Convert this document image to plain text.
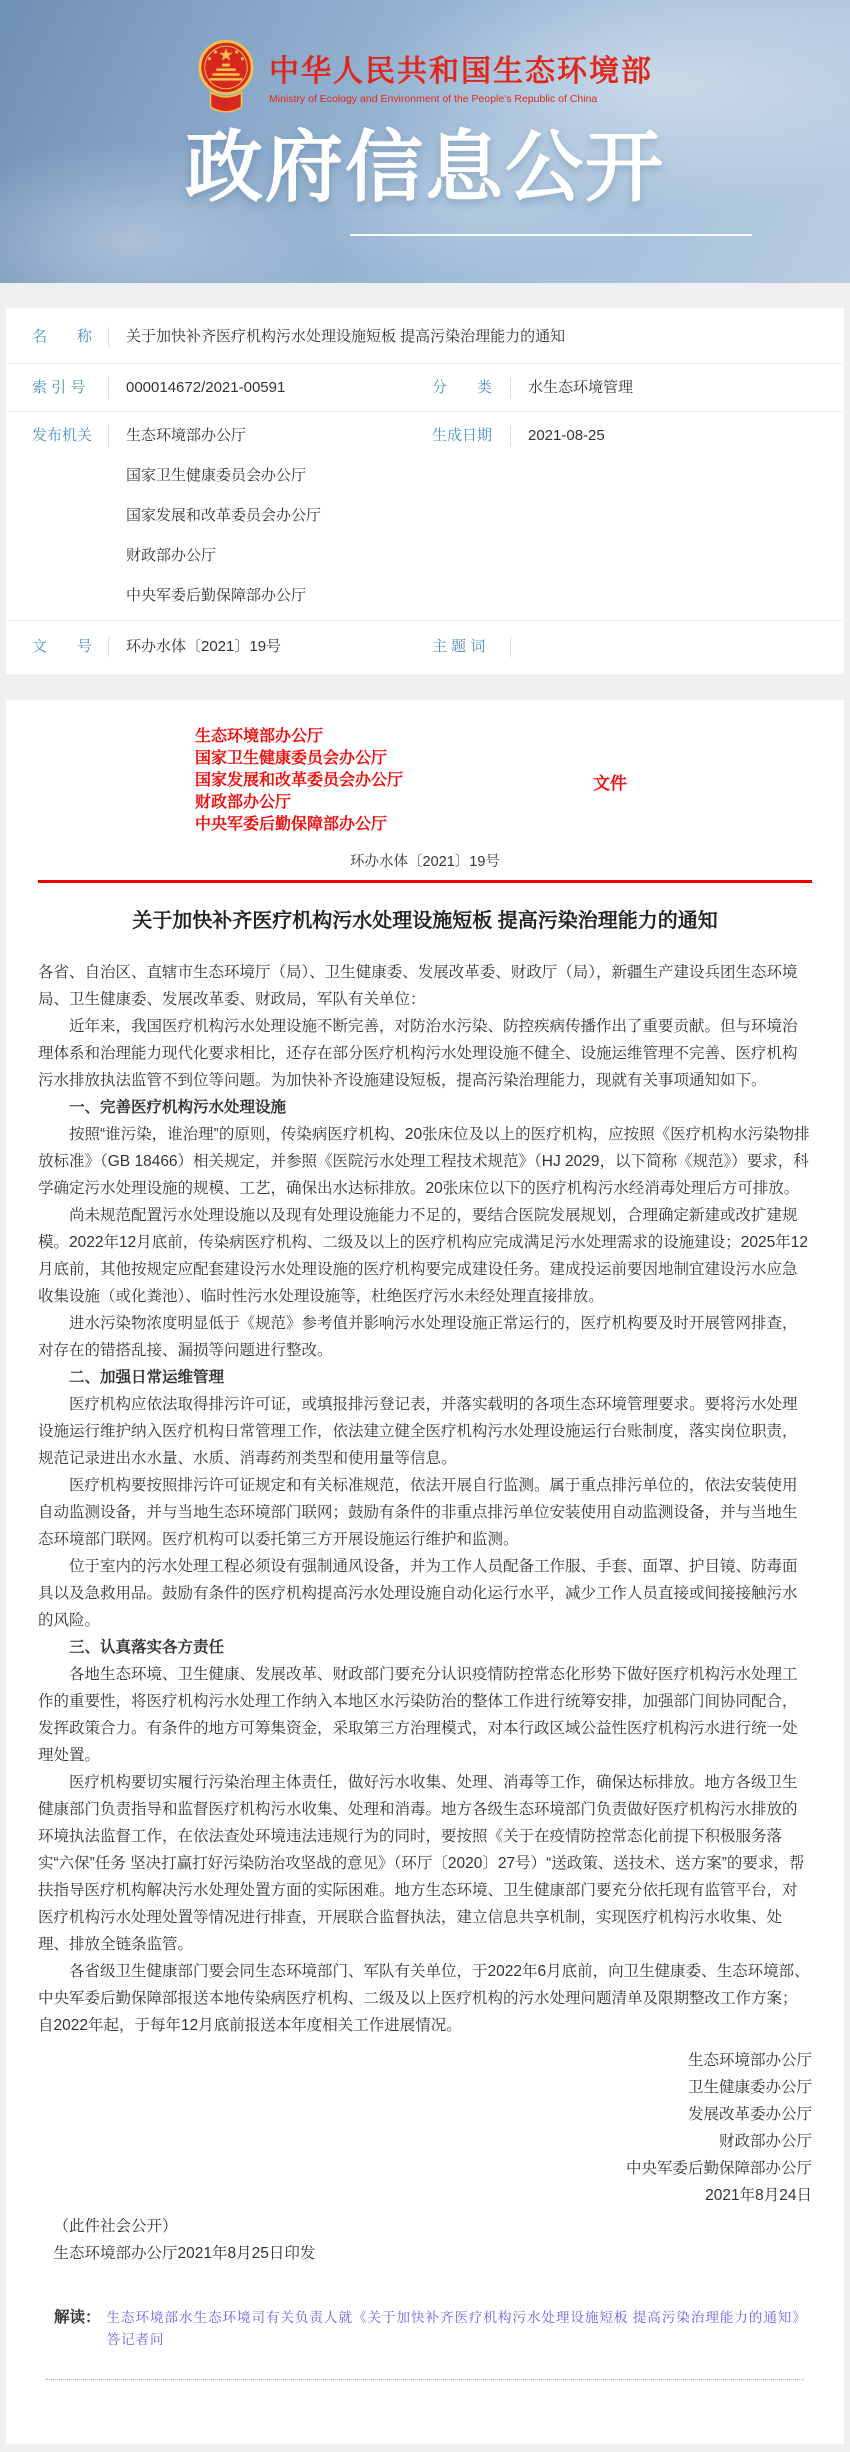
中华人民共和国生态环境部
Ministry of Ecology and Environment of the People's Republic of China
政府信息公开
名　　称	关于加快补齐医疗机构污水处理设施短板 提高污染治理能力的通知
索 引 号	000014672/2021-00591	分　　类	水生态环境管理
发布机关	生态环境部办公厅
国家卫生健康委员会办公厅
国家发展和改革委员会办公厅
财政部办公厅
中央军委后勤保障部办公厅
生成日期	2021-08-25
文　　号	环办水体〔2021〕19号	主 题 词
生态环境部办公厅
国家卫生健康委员会办公厅
国家发展和改革委员会办公厅
财政部办公厅
中央军委后勤保障部办公厅
文件
环办水体〔2021〕19号
关于加快补齐医疗机构污水处理设施短板 提高污染治理能力的通知

各省、自治区、直辖市生态环境厅（局）、卫生健康委、发展改革委、财政厅（局），新疆生产建设兵团生态环境局、卫生健康委、发展改革委、财政局，军队有关单位：

近年来，我国医疗机构污水处理设施不断完善，对防治水污染、防控疾病传播作出了重要贡献。但与环境治理体系和治理能力现代化要求相比，还存在部分医疗机构污水处理设施不健全、设施运维管理不完善、医疗机构污水排放执法监管不到位等问题。为加快补齐设施建设短板，提高污染治理能力，现就有关事项通知如下。

一、完善医疗机构污水处理设施

按照“谁污染，谁治理”的原则，传染病医疗机构、20张床位及以上的医疗机构，应按照《医疗机构水污染物排放标准》（GB 18466）相关规定，并参照《医院污水处理工程技术规范》（HJ 2029，以下简称《规范》）要求，科学确定污水处理设施的规模、工艺，确保出水达标排放。20张床位以下的医疗机构污水经消毒处理后方可排放。

尚未规范配置污水处理设施以及现有处理设施能力不足的，要结合医院发展规划，合理确定新建或改扩建规模。2022年12月底前，传染病医疗机构、二级及以上的医疗机构应完成满足污水处理需求的设施建设；2025年12月底前，其他按规定应配套建设污水处理设施的医疗机构要完成建设任务。建成投运前要因地制宜建设污水应急收集设施（或化粪池）、临时性污水处理设施等，杜绝医疗污水未经处理直接排放。

进水污染物浓度明显低于《规范》参考值并影响污水处理设施正常运行的，医疗机构要及时开展管网排查，对存在的错搭乱接、漏损等问题进行整改。

二、加强日常运维管理

医疗机构应依法取得排污许可证，或填报排污登记表，并落实载明的各项生态环境管理要求。要将污水处理设施运行维护纳入医疗机构日常管理工作，依法建立健全医疗机构污水处理设施运行台账制度，落实岗位职责，规范记录进出水水量、水质、消毒药剂类型和使用量等信息。

医疗机构要按照排污许可证规定和有关标准规范，依法开展自行监测。属于重点排污单位的，依法安装使用自动监测设备，并与当地生态环境部门联网；鼓励有条件的非重点排污单位安装使用自动监测设备，并与当地生态环境部门联网。医疗机构可以委托第三方开展设施运行维护和监测。

位于室内的污水处理工程必须设有强制通风设备，并为工作人员配备工作服、手套、面罩、护目镜、防毒面具以及急救用品。鼓励有条件的医疗机构提高污水处理设施自动化运行水平，减少工作人员直接或间接接触污水的风险。

三、认真落实各方责任

各地生态环境、卫生健康、发展改革、财政部门要充分认识疫情防控常态化形势下做好医疗机构污水处理工作的重要性，将医疗机构污水处理工作纳入本地区水污染防治的整体工作进行统筹安排，加强部门间协同配合，发挥政策合力。有条件的地方可筹集资金，采取第三方治理模式，对本行政区域公益性医疗机构污水进行统一处理处置。

医疗机构要切实履行污染治理主体责任，做好污水收集、处理、消毒等工作，确保达标排放。地方各级卫生健康部门负责指导和监督医疗机构污水收集、处理和消毒。地方各级生态环境部门负责做好医疗机构污水排放的环境执法监督工作，在依法查处环境违法违规行为的同时，要按照《关于在疫情防控常态化前提下积极服务落实“六保”任务 坚决打赢打好污染防治攻坚战的意见》（环厅〔2020〕27号）“送政策、送技术、送方案”的要求，帮扶指导医疗机构解决污水处理处置方面的实际困难。地方生态环境、卫生健康部门要充分依托现有监管平台，对医疗机构污水处理处置等情况进行排查，开展联合监督执法，建立信息共享机制，实现医疗机构污水收集、处理、排放全链条监管。

各省级卫生健康部门要会同生态环境部门、军队有关单位，于2022年6月底前，向卫生健康委、生态环境部、中央军委后勤保障部报送本地传染病医疗机构、二级及以上医疗机构的污水处理问题清单及限期整改工作方案；自2022年起，于每年12月底前报送本年度相关工作进展情况。

生态环境部办公厅
卫生健康委办公厅
发展改革委办公厅
财政部办公厅
中央军委后勤保障部办公厅
2021年8月24日
（此件社会公开）
生态环境部办公厅2021年8月25日印发
解读： 生态环境部水生态环境司有关负责人就《关于加快补齐医疗机构污水处理设施短板 提高污染治理能力的通知》答记者问
